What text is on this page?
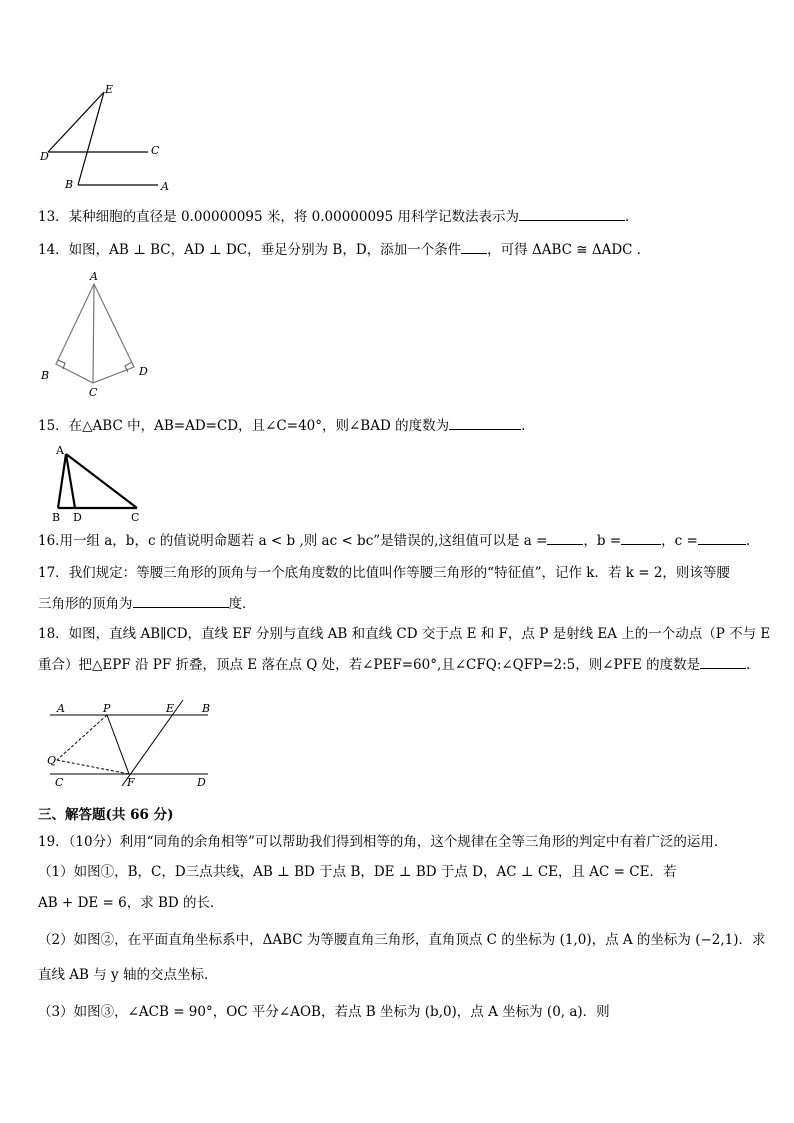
E
D	C
B	A
13．某种细胞的直径是 0.00000095 米，将 0.00000095 用科学记数法表示为	．
14．如图，AB ⊥ BC，AD ⊥ DC，垂足分别为 B，D，添加一个条件 ，可得 ΔABC ≅ ΔADC ．
A
B
C
D
15．在△ABC 中，AB=AD=CD，且∠C=40°，则∠BAD 的度数为	.
A
B D	C
16.用一组 a，b，c 的值说明命题若 a < b ,则 ac < bc”是错误的,这组值可以是 a =	，b =	，c =	.
17．我们规定：等腰三角形的顶角与一个底角度数的比值叫作等腰三角形的“特征值”，记作 k．若 k = 2，则该等腰
三角形的顶角为	度．
18．如图，直线 AB∥CD，直线 EF 分别与直线 AB 和直线 CD 交于点 E 和 F，点 P 是射线 EA 上的一个动点（P 不与 E
重合）把△EPF 沿 PF 折叠，顶点 E 落在点 Q 处，若∠PEF=60°,且∠CFQ:∠QFP=2:5，则∠PFE 的度数是	．
A	P	E	B
Q
C	F	D
三、解答题(共 66 分)
19．（10分）利用“同角的余角相等”可以帮助我们得到相等的角，这个规律在全等三角形的判定中有着广泛的运用．
（1）如图①，B，C，D三点共线，AB ⊥ BD 于点 B，DE ⊥ BD 于点 D，AC ⊥ CE，且 AC = CE．若
AB + DE = 6，求 BD 的长．
（2）如图②，在平面直角坐标系中，ΔABC 为等腰直角三角形，直角顶点 C 的坐标为 (1,0)，点 A 的坐标为 (−2,1)．求
直线 AB 与 y 轴的交点坐标．
（3）如图③，∠ACB = 90°，OC 平分∠AOB，若点 B 坐标为 (b,0)，点 A 坐标为 (0, a)．则
